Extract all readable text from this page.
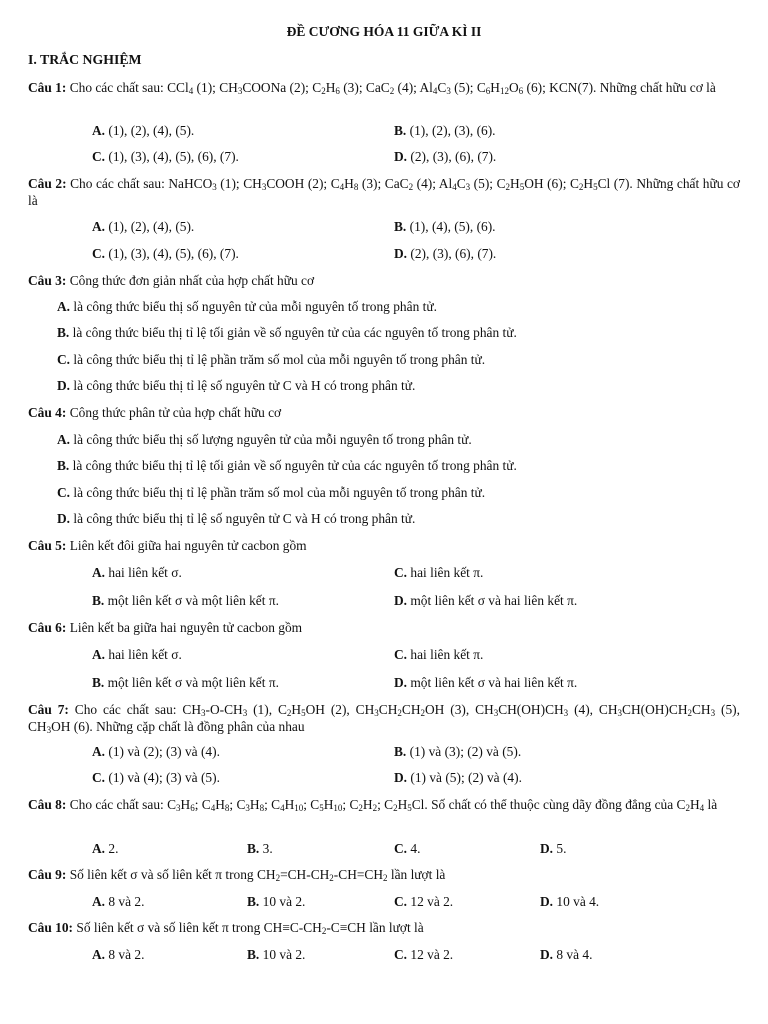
ĐỀ CƯƠNG HÓA 11 GIỮA KÌ II
I. TRẮC NGHIỆM
Câu 1: Cho các chất sau: CCl$_4$ (1); $CH_3COONa$ (2); $C_2H_6$ (3); CaC$_2$ (4); $Al_4C_3$ (5); $C_6H_{12}O_6$ (6); KCN(7). Những chất hữu cơ là
A. (1), (2), (4), (5).	B. (1), (2), (3), (6).
C. (1), (3), (4), (5), (6), (7).	D. (2), (3), (6), (7).
Câu 2: Cho các chất sau: NaHCO$_3$ (1); $CH_3COOH$ (2); $C_4H_8$ (3); CaC$_2$ (4); $Al_4C_3$ (5); $C_2H_5OH$ (6); $C_2H_5Cl$ (7). Những chất hữu cơ là
A. (1), (2), (4), (5).	B. (1), (4), (5), (6).
C. (1), (3), (4), (5), (6), (7).	D. (2), (3), (6), (7).
Câu 3: Công thức đơn giản nhất của hợp chất hữu cơ
A. là công thức biểu thị số nguyên tử của mỗi nguyên tố trong phân tử.
B. là công thức biểu thị tỉ lệ tối giản về số nguyên tử của các nguyên tố trong phân tử.
C. là công thức biểu thị tỉ lệ phần trăm số mol của mỗi nguyên tố trong phân tử.
D. là công thức biểu thị tỉ lệ số nguyên tử C và H có trong phân tử.
Câu 4: Công thức phân tử của hợp chất hữu cơ
A. là công thức biểu thị số lượng nguyên tử của mỗi nguyên tố trong phân tử.
B. là công thức biểu thị tỉ lệ tối giản về số nguyên tử của các nguyên tố trong phân tử.
C. là công thức biểu thị tỉ lệ phần trăm số mol của mỗi nguyên tố trong phân tử.
D. là công thức biểu thị tỉ lệ số nguyên tử C và H có trong phân tử.
Câu 5: Liên kết đôi giữa hai nguyên tử cacbon gồm
A. hai liên kết σ.	C. hai liên kết π.
B. một liên kết σ và một liên kết π.	D. một liên kết σ và hai liên kết π.
Câu 6: Liên kết ba giữa hai nguyên tử cacbon gồm
A. hai liên kết σ.	C. hai liên kết π.
B. một liên kết σ và một liên kết π.	D. một liên kết σ và hai liên kết π.
Câu 7: Cho các chất sau: $CH_3-O-CH_3$ (1), $C_2H_5OH$ (2), $CH_3CH_2CH_2OH$ (3), $CH_3CH(OH)CH_3$ (4), $CH_3CH(OH)CH_2CH_3$ (5), $CH_3OH$ (6). Những cặp chất là đồng phân của nhau
A. (1) và (2); (3) và (4).	B. (1) và (3); (2) và (5).
C. (1) và (4); (3) và (5).	D. (1) và (5); (2) và (4).
Câu 8: Cho các chất sau: $C_3H_6$; $C_4H_8$; $C_3H_8$; $C_4H_{10}$; $C_5H_{10}$; $C_2H_2$; $C_2H_5Cl$. Số chất có thể thuộc cùng dãy đồng đẳng của $C_2H_4$ là
A. 2.	B. 3.	C. 4.	D. 5.
Câu 9: Số liên kết σ và số liên kết π trong $CH_2=CH-CH_2-CH=CH_2$ lần lượt là
A. 8 và 2.	B. 10 và 2.	C. 12 và 2.	D. 10 và 4.
Câu 10: Số liên kết σ và số liên kết π trong $CH\equiv C-CH_2-C\equiv CH$ lần lượt là
A. 8 và 2.	B. 10 và 2.	C. 12 và 2.	D. 8 và 4.
